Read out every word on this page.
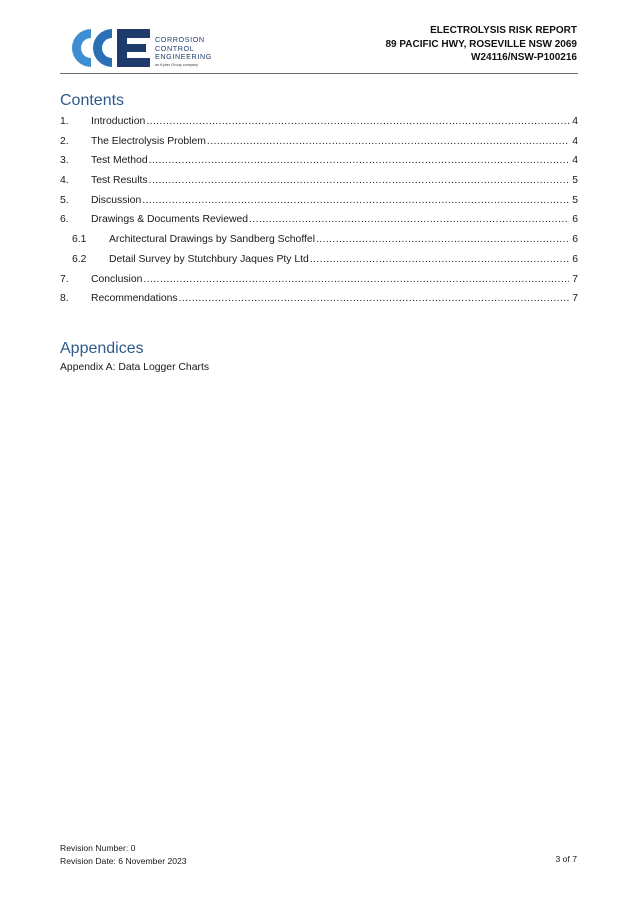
CORROSION
CONTROL
ENGINEERING
an Kyber Group company
ELECTROLYSIS RISK REPORT
89 PACIFIC HWY, ROSEVILLE NSW 2069
W24116/NSW-P100216
Contents
1.	Introduction .....	4
2.	The Electrolysis Problem .....	4
3.	Test Method .....	4
4.	Test Results .....	5
5.	Discussion .....	5
6.	Drawings & Documents Reviewed .....	6
6.1	Architectural Drawings by Sandberg Schoffel .....	6
6.2	Detail Survey by Stutchbury Jaques Pty Ltd .....	6
7.	Conclusion .....	7
8.	Recommendations .....	7
Appendices
Appendix A: Data Logger Charts
Revision Number: 0
Revision Date: 6 November 2023	3 of 7
